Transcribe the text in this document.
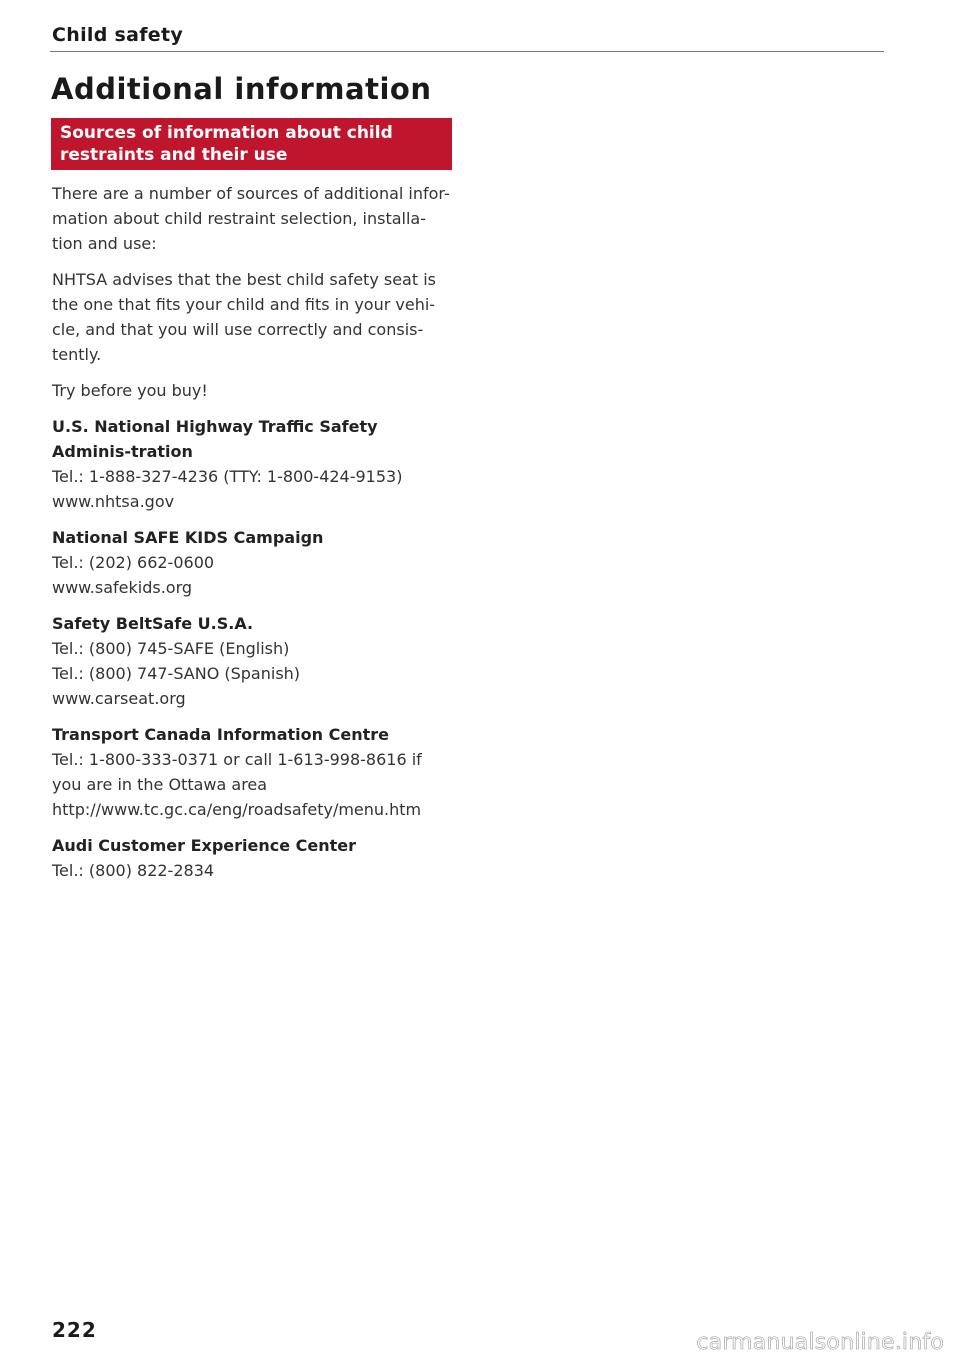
Child safety
Additional information
Sources of information about child
restraints and their use

There are a number of sources of additional infor-mation about child restraint selection, installa-tion and use:

NHTSA advises that the best child safety seat is the one that fits your child and fits in your vehi-cle, and that you will use correctly and consis-tently.

Try before you buy!

U.S. National Highway Traffic Safety Adminis-tration
Tel.: 1-888-327-4236 (TTY: 1-800-424-9153)
www.nhtsa.gov
National SAFE KIDS Campaign
Tel.: (202) 662-0600
www.safekids.org
Safety BeltSafe U.S.A.
Tel.: (800) 745-SAFE (English)
Tel.: (800) 747-SANO (Spanish)
www.carseat.org
Transport Canada Information Centre
Tel.: 1-800-333-0371 or call 1-613-998-8616 if you are in the Ottawa area
http://www.tc.gc.ca/eng/roadsafety/menu.htm
Audi Customer Experience Center
Tel.: (800) 822-2834
222	carmanualsonline.info
